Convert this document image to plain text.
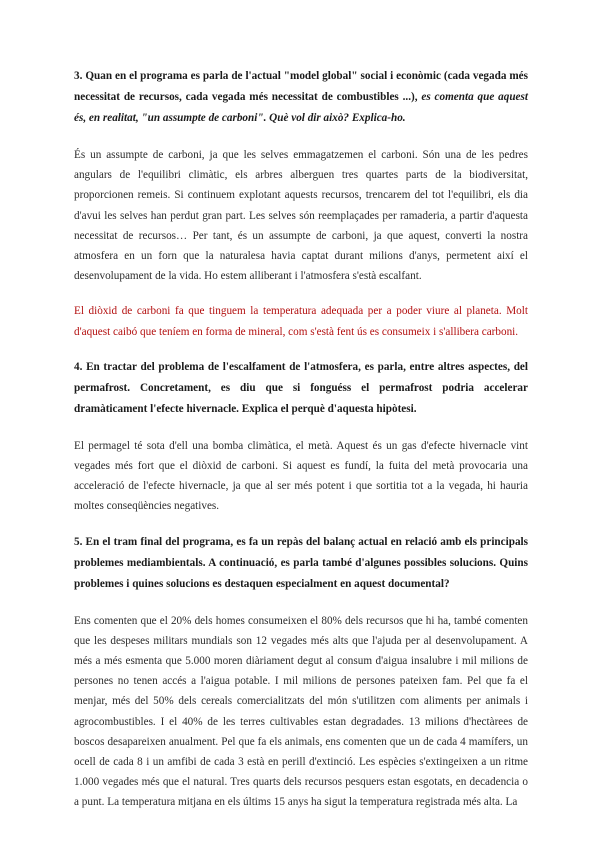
3. Quan en el programa es parla de l'actual "model global" social i econòmic (cada vegada més necessitat de recursos, cada vegada més necessitat de combustibles ...), es comenta que aquest és, en realitat, "un assumpte de carboni". Què vol dir això? Explica-ho.

És un assumpte de carboni, ja que les selves emmagatzemen el carboni. Són una de les pedres angulars de l'equilibri climàtic, els arbres alberguen tres quartes parts de la biodiversitat, proporcionen remeis. Si continuem explotant aquests recursos, trencarem del tot l'equilibri, els dia d'avui les selves han perdut gran part. Les selves són reemplaçades per ramaderia, a partir d'aquesta necessitat de recursos… Per tant, és un assumpte de carboni, ja que aquest, converti la nostra atmosfera en un forn que la naturalesa havia captat durant milions d'anys, permetent així el desenvolupament de la vida. Ho estem alliberant i l'atmosfera s'està escalfant.

El diòxid de carboni fa que tinguem la temperatura adequada per a poder viure al planeta. Molt d'aquest caibó que teníem en forma de mineral, com s'està fent ús es consumeix i s'allibera carboni.

4. En tractar del problema de l'escalfament de l'atmosfera, es parla, entre altres aspectes, del permafrost. Concretament, es diu que si fonguéss el permafrost podria accelerar dramàticament l'efecte hivernacle. Explica el perquè d'aquesta hipòtesi.

El permagel té sota d'ell una bomba climàtica, el metà. Aquest és un gas d'efecte hivernacle vint vegades més fort que el diòxid de carboni. Si aquest es fundí, la fuita del metà provocaria una acceleració de l'efecte hivernacle, ja que al ser més potent i que sortitia tot a la vegada, hi hauria moltes conseqüències negatives.

5. En el tram final del programa, es fa un repàs del balanç actual en relació amb els principals problemes mediambientals. A continuació, es parla també d'algunes possibles solucions. Quins problemes i quines solucions es destaquen especialment en aquest documental?

Ens comenten que el 20% dels homes consumeixen el 80% dels recursos que hi ha, també comenten que les despeses militars mundials son 12 vegades més alts que l'ajuda per al desenvolupament. A més a més esmenta que 5.000 moren diàriament degut al consum d'aigua insalubre i mil milions de persones no tenen accés a l'aigua potable. I mil milions de persones pateixen fam. Pel que fa el menjar, més del 50% dels cereals comercialitzats del món s'utilitzen com aliments per animals i agrocombustibles. I el 40% de les terres cultivables estan degradades. 13 milions d'hectàrees de boscos desapareixen anualment. Pel que fa els animals, ens comenten que un de cada 4 mamífers, un ocell de cada 8 i un amfibi de cada 3 està en perill d'extinció. Les espècies s'extingeixen a un ritme 1.000 vegades més que el natural. Tres quarts dels recursos pesquers estan esgotats, en decadencia o a punt. La temperatura mitjana en els últims 15 anys ha sigut la temperatura registrada més alta. La
